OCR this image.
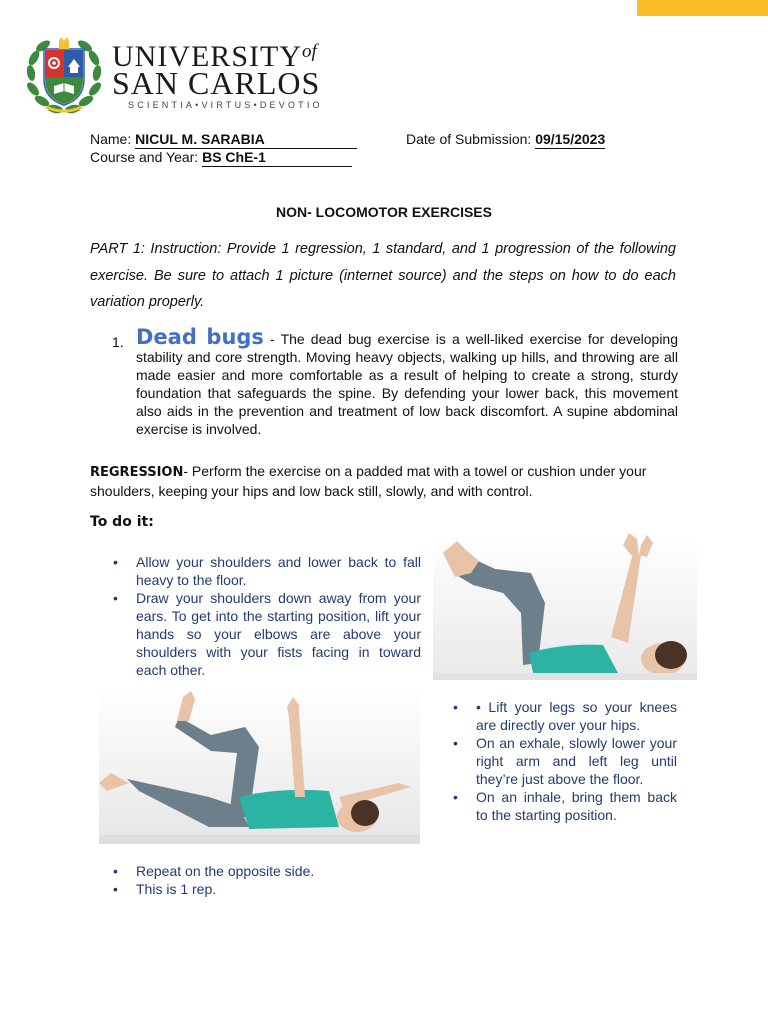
$UNIVERSITY^{of}$
SAN CARLOS
SCIENTIA•VIRTUS•DEVOTIO
Name: NICUL M. SARABIA
Course and Year: BS ChE-1
Date of Submission: 09/15/2023
NON- LOCOMOTOR EXERCISES

PART 1: Instruction: Provide 1 regression, 1 standard, and 1 progression of the following exercise. Be sure to attach 1 picture (internet source) and the steps on how to do each variation properly.

1. Dead bugs - The dead bug exercise is a well-liked exercise for developing stability and core strength. Moving heavy objects, walking up hills, and throwing are all made easier and more comfortable as a result of helping to create a strong, sturdy foundation that safeguards the spine. By defending your lower back, this movement also aids in the prevention and treatment of low back discomfort. A supine abdominal exercise is involved.

REGRESSION- Perform the exercise on a padded mat with a towel or cushion under your shoulders, keeping your hips and low back still, slowly, and with control.

To do it:
• Allow your shoulders and lower back to fall heavy to the floor.
• Draw your shoulders down away from your ears. To get into the starting position, lift your hands so your elbows are above your shoulders with your fists facing in toward each other.
• • Lift your legs so your knees are directly over your hips.
• On an exhale, slowly lower your right arm and left leg until they’re just above the floor.
• On an inhale, bring them back to the starting position.
• Repeat on the opposite side.
• This is 1 rep.
